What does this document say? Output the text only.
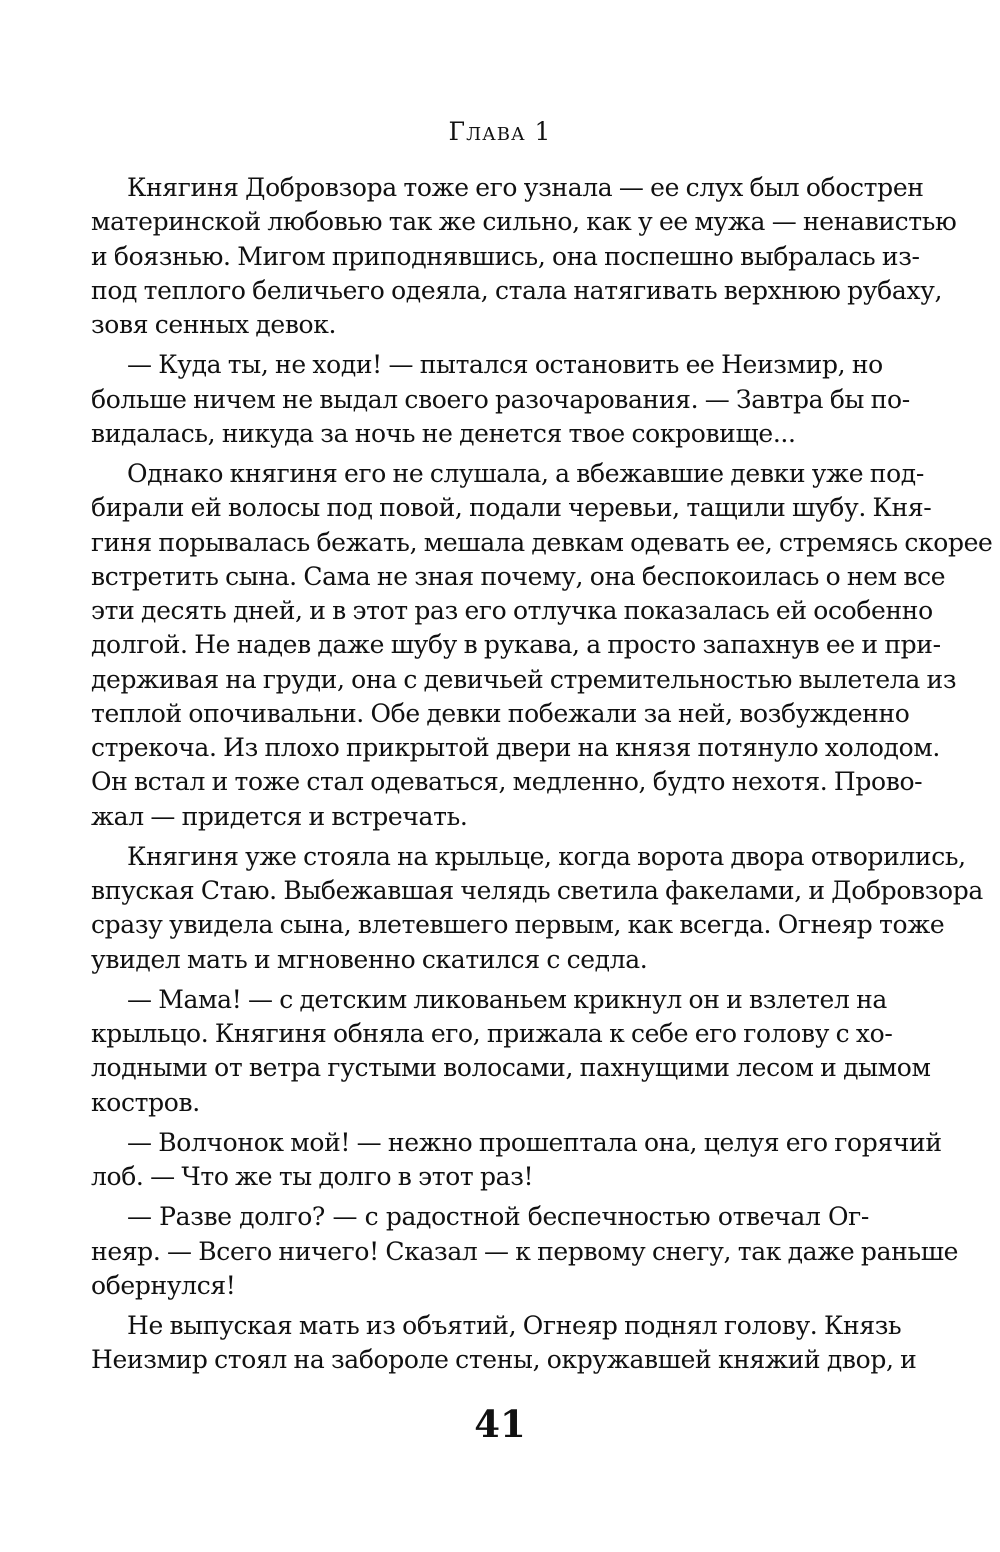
Глава 1
Княгиня Добровзора тоже его узнала — ее слух был обострен
материнской любовью так же сильно, как у ее мужа — ненавистью
и боязнью. Мигом приподнявшись, она поспешно выбралась из-
под теплого беличьего одеяла, стала натягивать верхнюю рубаху,
зовя сенных девок.
— Куда ты, не ходи! — пытался остановить ее Неизмир, но
больше ничем не выдал своего разочарования. — Завтра бы по-
видалась, никуда за ночь не денется твое сокровище...
Однако княгиня его не слушала, а вбежавшие девки уже под-
бирали ей волосы под повой, подали черевьи, тащили шубу. Кня-
гиня порывалась бежать, мешала девкам одевать ее, стремясь скорее
встретить сына. Сама не зная почему, она беспокоилась о нем все
эти десять дней, и в этот раз его отлучка показалась ей особенно
долгой. Не надев даже шубу в рукава, а просто запахнув ее и при-
держивая на груди, она с девичьей стремительностью вылетела из
теплой опочивальни. Обе девки побежали за ней, возбужденно
стрекоча. Из плохо прикрытой двери на князя потянуло холодом.
Он встал и тоже стал одеваться, медленно, будто нехотя. Прово-
жал — придется и встречать.
Княгиня уже стояла на крыльце, когда ворота двора отворились,
впуская Стаю. Выбежавшая челядь светила факелами, и Добровзора
сразу увидела сына, влетевшего первым, как всегда. Огнеяр тоже
увидел мать и мгновенно скатился с седла.
— Мама! — с детским ликованьем крикнул он и взлетел на
крыльцо. Княгиня обняла его, прижала к себе его голову с хо-
лодными от ветра густыми волосами, пахнущими лесом и дымом
костров.
— Волчонок мой! — нежно прошептала она, целуя его горячий
лоб. — Что же ты долго в этот раз!
— Разве долго? — с радостной беспечностью отвечал Ог-
неяр. — Всего ничего! Сказал — к первому снегу, так даже раньше
обернулся!
Не выпуская мать из объятий, Огнеяр поднял голову. Князь
Неизмир стоял на забороле стены, окружавшей княжий двор, и
41
